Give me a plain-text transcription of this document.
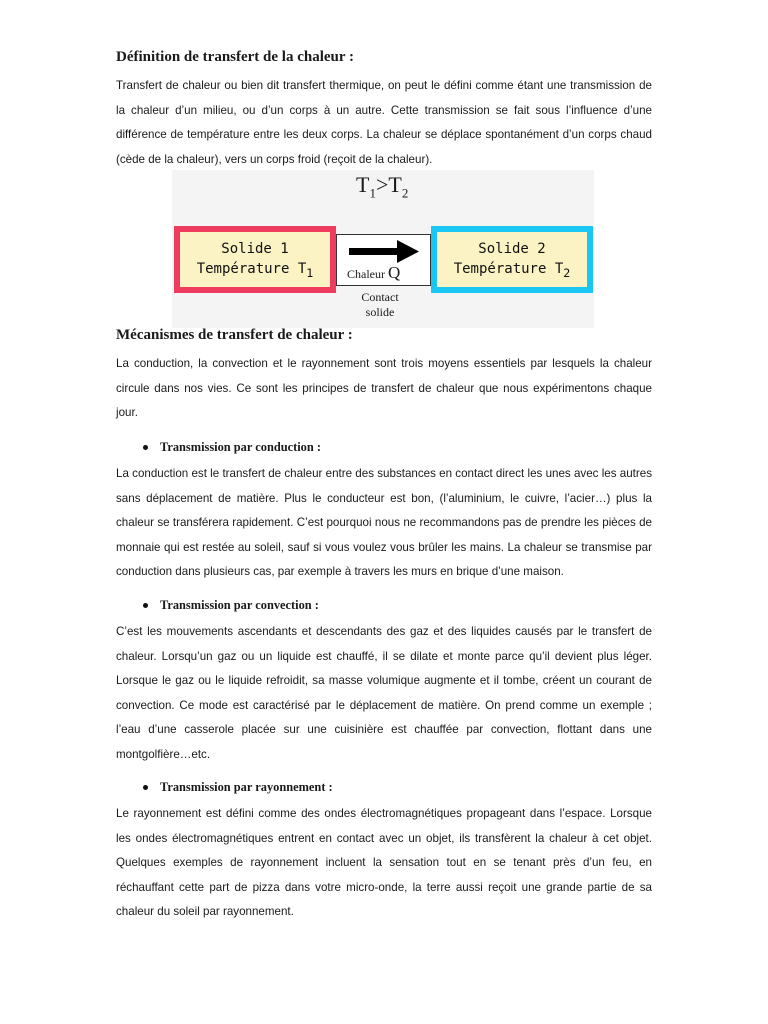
Définition de transfert de la chaleur :

Transfert de chaleur ou bien dit transfert thermique, on peut le défini comme étant une transmission de la chaleur d’un milieu, ou d’un corps à un autre. Cette transmission se fait sous l’influence d’une différence de température entre les deux corps. La chaleur se déplace spontanément d’un corps chaud (cède de la chaleur), vers un corps froid (reçoit de la chaleur).

$T_1>T_2$
Solide 1
Température $T_1$	Chaleur Q
Solide 2
Température $T_2$
Contact
solide
Mécanismes de transfert de chaleur :

La conduction, la convection et le rayonnement sont trois moyens essentiels par lesquels la chaleur circule dans nos vies. Ce sont les principes de transfert de chaleur que nous expérimentons chaque jour.

Transmission par conduction :

La conduction est le transfert de chaleur entre des substances en contact direct les unes avec les autres sans déplacement de matière. Plus le conducteur est bon, (l’aluminium, le cuivre, l’acier…) plus la chaleur se transférera rapidement. C’est pourquoi nous ne recommandons pas de prendre les pièces de monnaie qui est restée au soleil, sauf si vous voulez vous brûler les mains. La chaleur se transmise par conduction dans plusieurs cas, par exemple à travers les murs en brique d’une maison.

Transmission par convection :

C’est les mouvements ascendants et descendants des gaz et des liquides causés par le transfert de chaleur. Lorsqu’un gaz ou un liquide est chauffé, il se dilate et monte parce qu’il devient plus léger. Lorsque le gaz ou le liquide refroidit, sa masse volumique augmente et il tombe, créent un courant de convection. Ce mode est caractérisé par le déplacement de matière. On prend comme un exemple ; l’eau d’une casserole placée sur une cuisinière est chauffée par convection, flottant dans une montgolfière…etc.

Transmission par rayonnement :

Le rayonnement est défini comme des ondes électromagnétiques propageant dans l’espace. Lorsque les ondes électromagnétiques entrent en contact avec un objet, ils transfèrent la chaleur à cet objet. Quelques exemples de rayonnement incluent la sensation tout en se tenant près d’un feu, en réchauffant cette part de pizza dans votre micro-onde, la terre aussi reçoit une grande partie de sa chaleur du soleil par rayonnement.
